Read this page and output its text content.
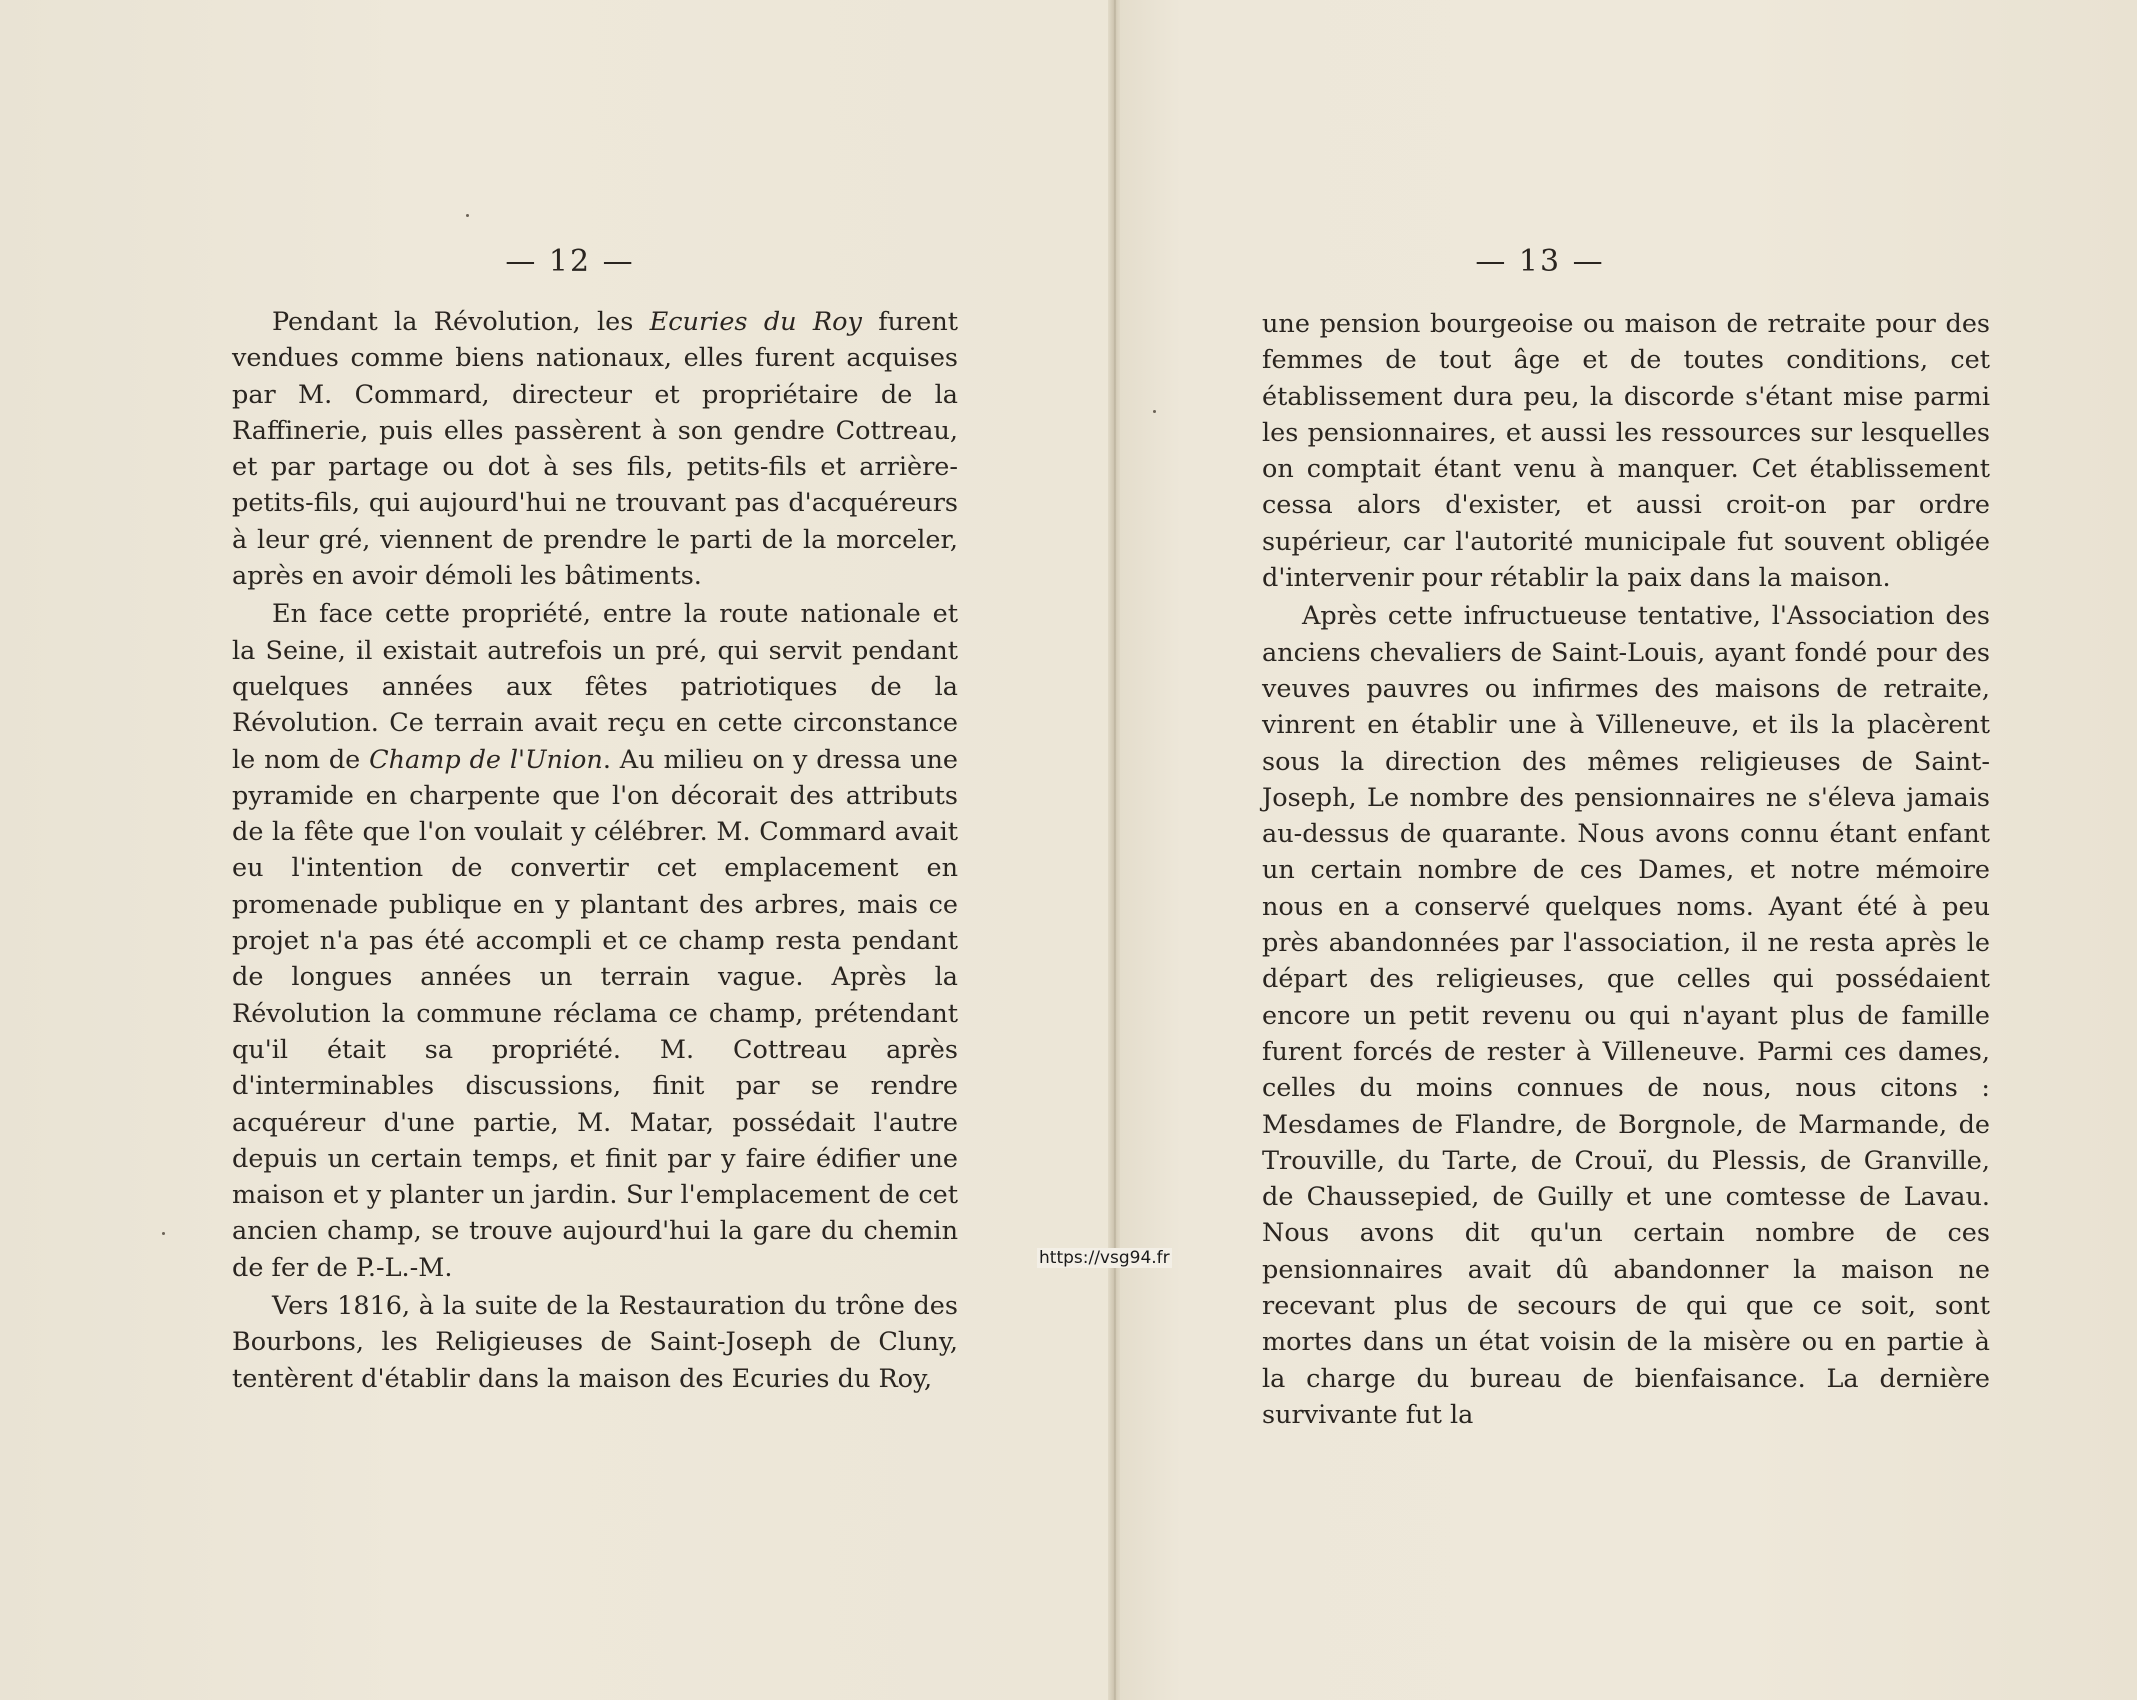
— 12 —

Pendant la Révolution, les Ecuries du Roy furent vendues comme biens nationaux, elles furent acquises par M. Commard, directeur et propriétaire de la Raffinerie, puis elles passèrent à son gendre Cottreau, et par partage ou dot à ses fils, petits-fils et arrière-petits-fils, qui aujourd'hui ne trouvant pas d'acquéreurs à leur gré, viennent de prendre le parti de la morceler, après en avoir démoli les bâtiments.

En face cette propriété, entre la route nationale et la Seine, il existait autrefois un pré, qui servit pendant quelques années aux fêtes patriotiques de la Révolution. Ce terrain avait reçu en cette circonstance le nom de Champ de l'Union. Au milieu on y dressa une pyramide en charpente que l'on décorait des attributs de la fête que l'on voulait y célébrer. M. Commard avait eu l'intention de convertir cet emplacement en promenade publique en y plantant des arbres, mais ce projet n'a pas été accompli et ce champ resta pendant de longues années un terrain vague. Après la Révolution la commune réclama ce champ, prétendant qu'il était sa propriété. M. Cottreau après d'interminables discussions, finit par se rendre acquéreur d'une partie, M. Matar, possédait l'autre depuis un certain temps, et finit par y faire édifier une maison et y planter un jardin. Sur l'emplacement de cet ancien champ, se trouve aujourd'hui la gare du chemin de fer de P.-L.-M.

Vers 1816, à la suite de la Restauration du trône des Bourbons, les Religieuses de Saint-Joseph de Cluny, tentèrent d'établir dans la maison des Ecuries du Roy,

— 13 —

une pension bourgeoise ou maison de retraite pour des femmes de tout âge et de toutes conditions, cet établissement dura peu, la discorde s'étant mise parmi les pensionnaires, et aussi les ressources sur lesquelles on comptait étant venu à manquer. Cet établissement cessa alors d'exister, et aussi croit-on par ordre supérieur, car l'autorité municipale fut souvent obligée d'intervenir pour rétablir la paix dans la maison.

Après cette infructueuse tentative, l'Association des anciens chevaliers de Saint-Louis, ayant fondé pour des veuves pauvres ou infirmes des maisons de retraite, vinrent en établir une à Villeneuve, et ils la placèrent sous la direction des mêmes religieuses de Saint-Joseph, Le nombre des pensionnaires ne s'éleva jamais au-dessus de quarante. Nous avons connu étant enfant un certain nombre de ces Dames, et notre mémoire nous en a conservé quelques noms. Ayant été à peu près abandonnées par l'association, il ne resta après le départ des religieuses, que celles qui possédaient encore un petit revenu ou qui n'ayant plus de famille furent forcés de rester à Villeneuve. Parmi ces dames, celles du moins connues de nous, nous citons : Mesdames de Flandre, de Borgnole, de Marmande, de Trouville, du Tarte, de Crouï, du Plessis, de Granville, de Chaussepied, de Guilly et une comtesse de Lavau. Nous avons dit qu'un certain nombre de ces pensionnaires avait dû abandonner la maison ne recevant plus de secours de qui que ce soit, sont mortes dans un état voisin de la misère ou en partie à la charge du bureau de bienfaisance. La dernière survivante fut la

https://vsg94.fr
